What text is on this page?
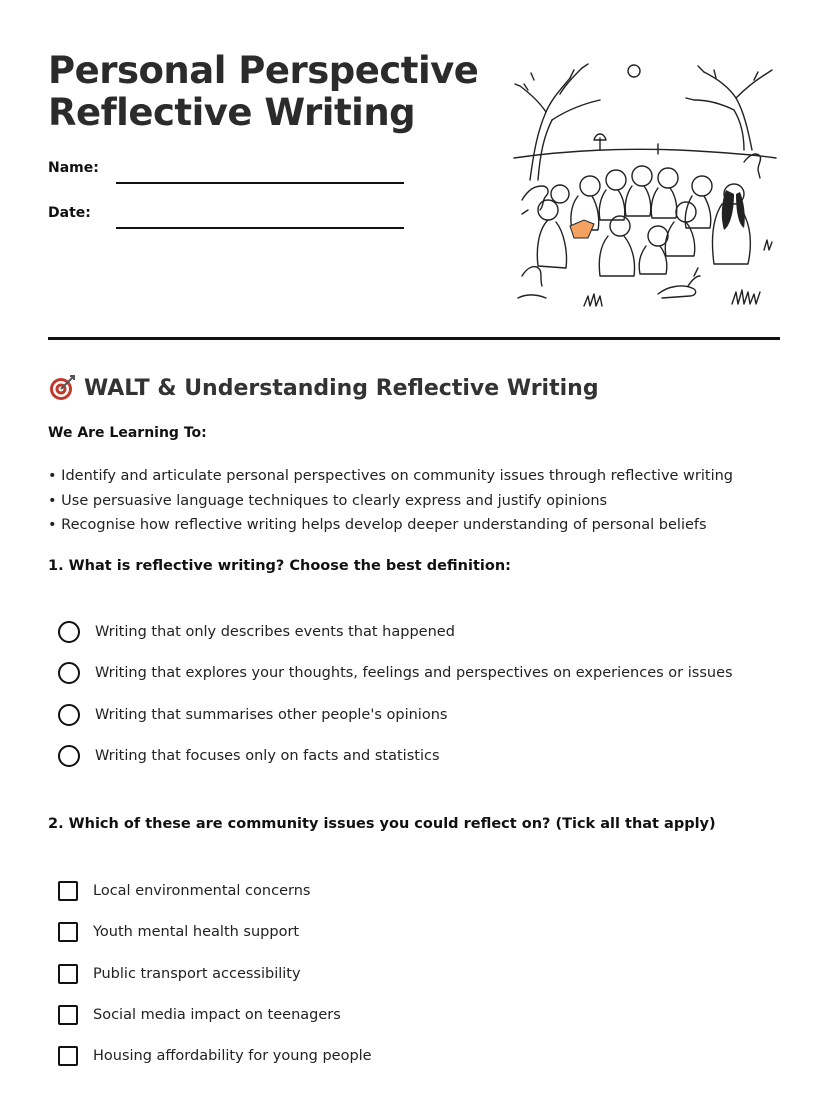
Personal Perspective Reflective Writing
Name:
Date:
WALT & Understanding Reflective Writing
We Are Learning To:
• Identify and articulate personal perspectives on community issues through reflective writing
• Use persuasive language techniques to clearly express and justify opinions
• Recognise how reflective writing helps develop deeper understanding of personal beliefs
1. What is reflective writing? Choose the best definition:
Writing that only describes events that happened
Writing that explores your thoughts, feelings and perspectives on experiences or issues
Writing that summarises other people's opinions
Writing that focuses only on facts and statistics
2. Which of these are community issues you could reflect on? (Tick all that apply)
Local environmental concerns
Youth mental health support
Public transport accessibility
Social media impact on teenagers
Housing affordability for young people
